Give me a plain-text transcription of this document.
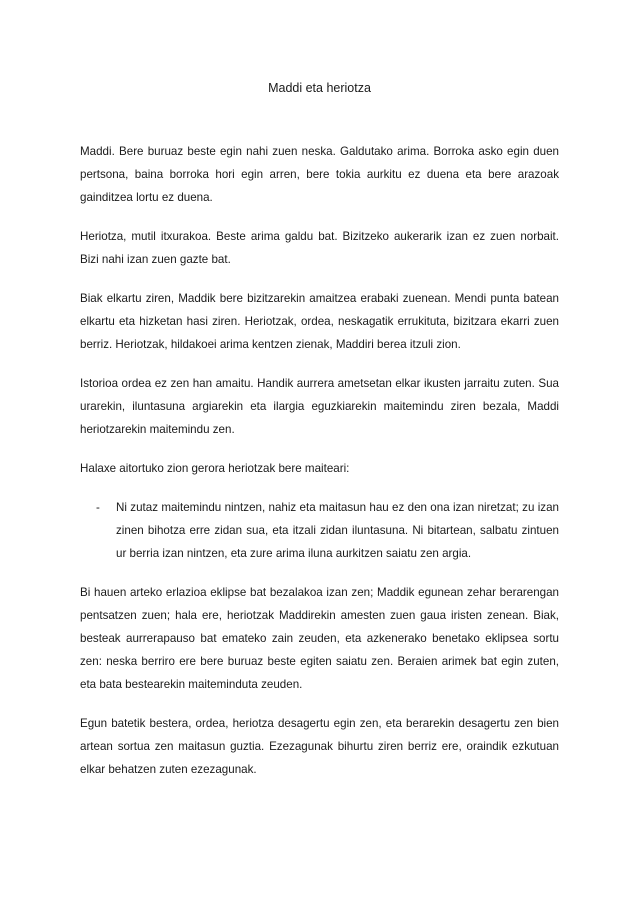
Maddi eta heriotza

Maddi. Bere buruaz beste egin nahi zuen neska. Galdutako arima. Borroka asko egin duen pertsona, baina borroka hori egin arren, bere tokia aurkitu ez duena eta bere arazoak gainditzea lortu ez duena.

Heriotza, mutil itxurakoa. Beste arima galdu bat. Bizitzeko aukerarik izan ez zuen norbait. Bizi nahi izan zuen gazte bat.

Biak elkartu ziren, Maddik bere bizitzarekin amaitzea erabaki zuenean. Mendi punta batean elkartu eta hizketan hasi ziren. Heriotzak, ordea, neskagatik errukituta, bizitzara ekarri zuen berriz. Heriotzak, hildakoei arima kentzen zienak, Maddiri berea itzuli zion.

Istorioa ordea ez zen han amaitu. Handik aurrera ametsetan elkar ikusten jarraitu zuten. Sua urarekin, iluntasuna argiarekin eta ilargia eguzkiarekin maitemindu ziren bezala, Maddi heriotzarekin maitemindu zen.

Halaxe aitortuko zion gerora heriotzak bere maiteari:

-	Ni zutaz maitemindu nintzen, nahiz eta maitasun hau ez den ona izan niretzat; zu izan zinen bihotza erre zidan sua, eta itzali zidan iluntasuna. Ni bitartean, salbatu zintuen ur berria izan nintzen, eta zure arima iluna aurkitzen saiatu zen argia.

Bi hauen arteko erlazioa eklipse bat bezalakoa izan zen; Maddik egunean zehar berarengan pentsatzen zuen; hala ere, heriotzak Maddirekin amesten zuen gaua iristen zenean. Biak, besteak aurrerapauso bat emateko zain zeuden, eta azkenerako benetako eklipsea sortu zen: neska berriro ere bere buruaz beste egiten saiatu zen. Beraien arimek bat egin zuten, eta bata bestearekin maiteminduta zeuden.

Egun batetik bestera, ordea, heriotza desagertu egin zen, eta berarekin desagertu zen bien artean sortua zen maitasun guztia. Ezezagunak bihurtu ziren berriz ere, oraindik ezkutuan elkar behatzen zuten ezezagunak.
